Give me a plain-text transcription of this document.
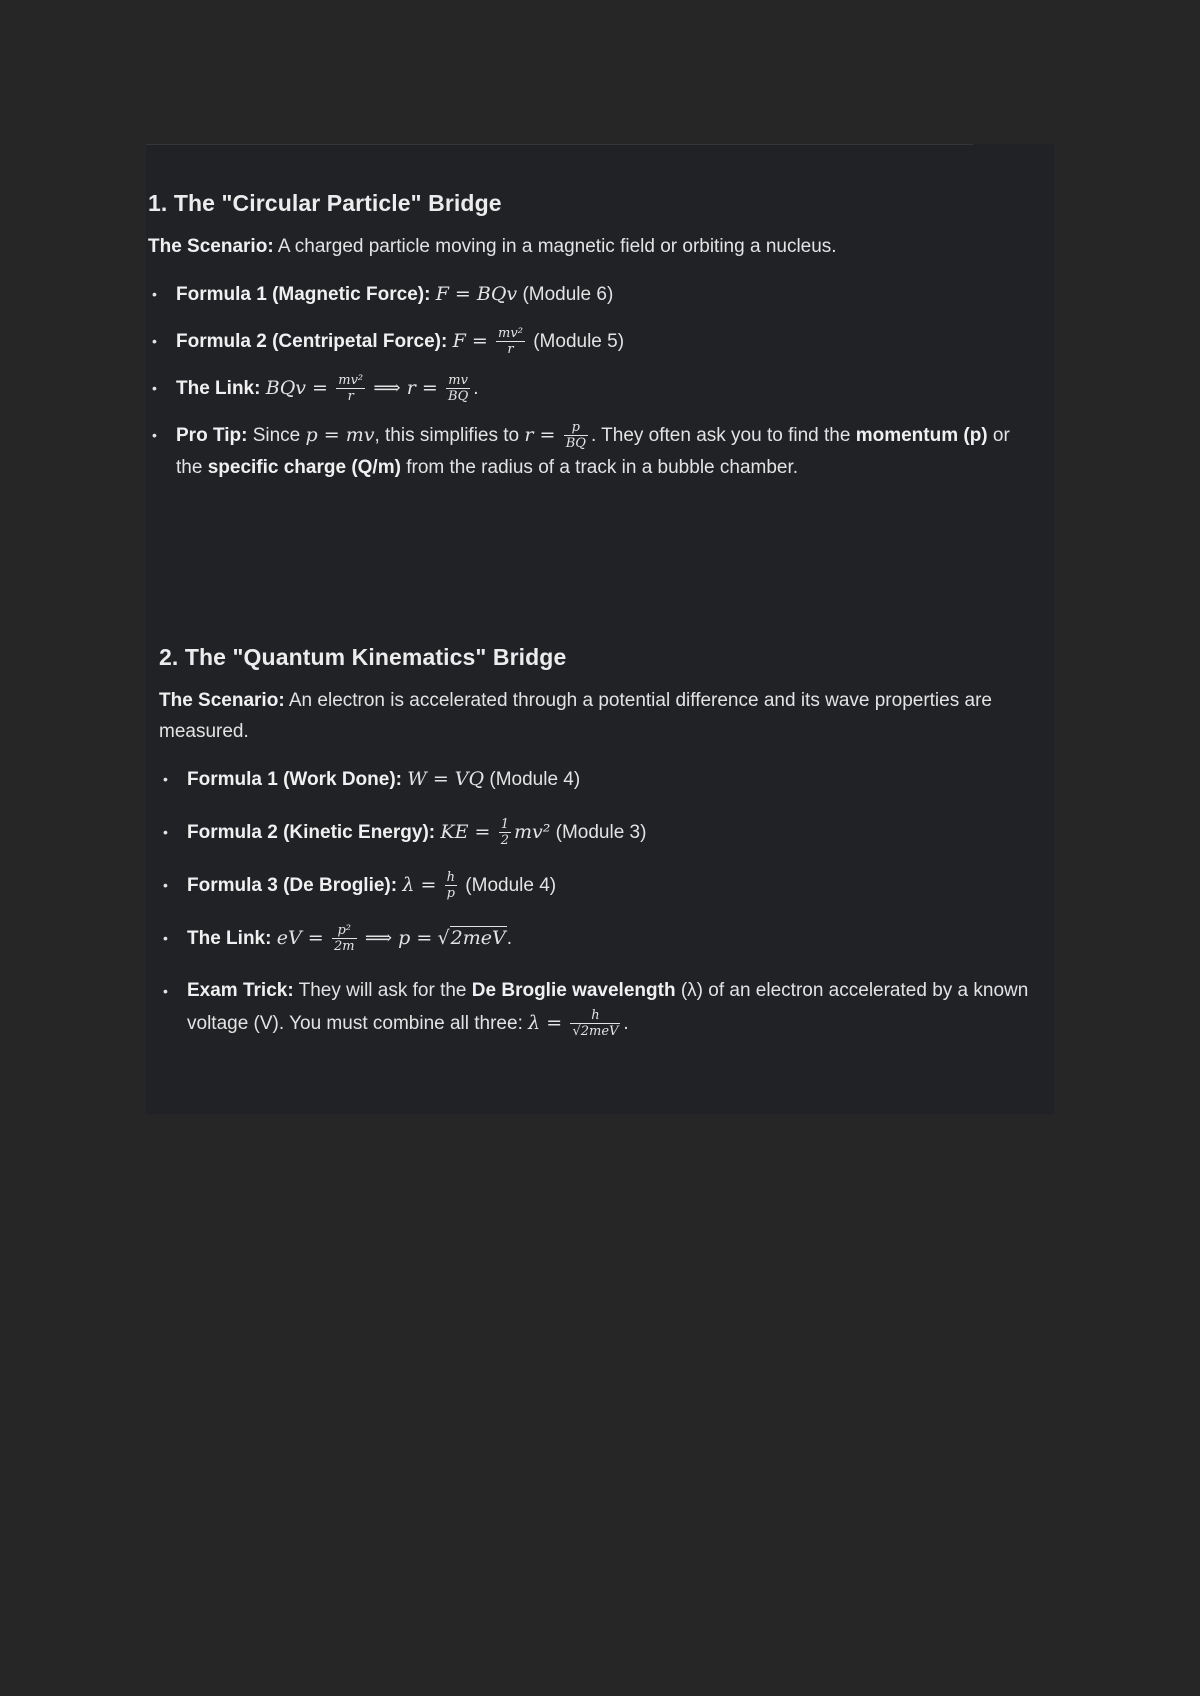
1. The "Circular Particle" Bridge

The Scenario: A charged particle moving in a magnetic field or orbiting a nucleus.

• Formula 1 (Magnetic Force): F = BQv (Module 6)
• Formula 2 (Centripetal Force): $F = \frac{\text{mv²}}{r}$ (Module 5)
• The Link: BQv = $\frac{\text{mv²}}{r}$ ⟹ $r = \frac{mv}{BQ}$ .
• Pro Tip: Since p = mv, this simplifies to $r = \frac{p}{BQ}$ . They often ask you to find the momentum (p) or the specific charge (Q/m) from the radius of a track in a bubble chamber.
2. The "Quantum Kinematics" Bridge

The Scenario: An electron is accelerated through a potential difference and its wave properties are measured.

• Formula 1 (Work Done): W = VQ (Module 4)
• Formula 2 (Kinetic Energy): KE = $\frac{1}{2} mv^2$ (Module 3)
• Formula 3 (De Broglie): $\lambda = \frac{h}{p}$ (Module 4)
• The Link: eV = $\frac{\text{p²}}{2m}$ ⟹ p = √2meV.
• Exam Trick: They will ask for the De Broglie wavelength (λ) of an electron accelerated by a known voltage (V). You must combine all three: $\lambda = \frac{h}{\text{√2meV}}$ .
